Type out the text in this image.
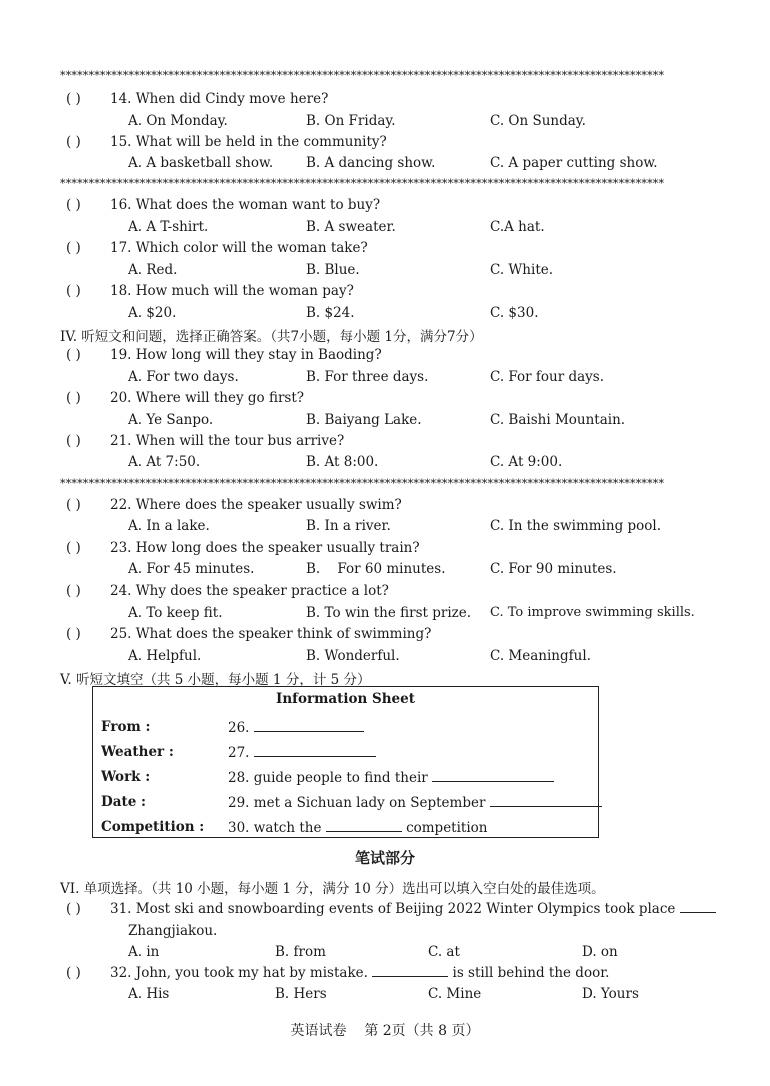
**********************************************************************************************************
**********************************************************************************************************
**********************************************************************************************************
( ) 14. When did Cindy move here?
A. On Monday.	B. On Friday.	C. On Sunday.
( ) 15. What will be held in the community?
A. A basketball show. B. A dancing show.	C. A paper cutting show.
( ) 16. What does the woman want to buy?
A. A T-shirt.	B. A sweater.	C.A hat.
( ) 17. Which color will the woman take?
A. Red.	B. Blue.	C. White.
( ) 18. How much will the woman pay?
A. $20.	B. $24.	C. $30.
IV. 听短文和问题，选择正确答案。（共7小题，每小题 1分，满分7分）
( ) 19. How long will they stay in Baoding?
A. For two days.	B. For three days.	C. For four days.
( ) 20. Where will they go first?
A. Ye Sanpo.	B. Baiyang Lake.	C. Baishi Mountain.
( ) 21. When will the tour bus arrive?
A. At 7:50.	B. At 8:00.	C. At 9:00.
( ) 22. Where does the speaker usually swim?
A. In a lake.	B. In a river.	C. In the swimming pool.
( ) 23. How long does the speaker usually train?
A. For 45 minutes.	B.    For 60 minutes.	C. For 90 minutes.
( ) 24. Why does the speaker practice a lot?
A. To keep fit.	B. To win the first prize. C. To improve swimming skills.
( ) 25. What does the speaker think of swimming?
A. Helpful.	B. Wonderful.	C. Meaningful.
V. 听短文填空（共 5 小题，每小题 1 分，计 5 分）
Information Sheet
From :	26.
Weather :	27.
Work :	28. guide people to find their
Date :	29. met a Sichuan lady on September
Competition : 30. watch the	competition
笔试部分
VI. 单项选择。（共 10 小题，每小题 1 分，满分 10 分）选出可以填入空白处的最佳选项。
( ) 31. Most ski and snowboarding events of Beijing 2022 Winter Olympics took place
Zhangjiakou.
A. in	B. from	C. at	D. on
( ) 32. John, you took my hat by mistake.	is still behind the door.
A. His	B. Hers	C. Mine	D. Yours
英语试卷    第 2页（共 8 页）
